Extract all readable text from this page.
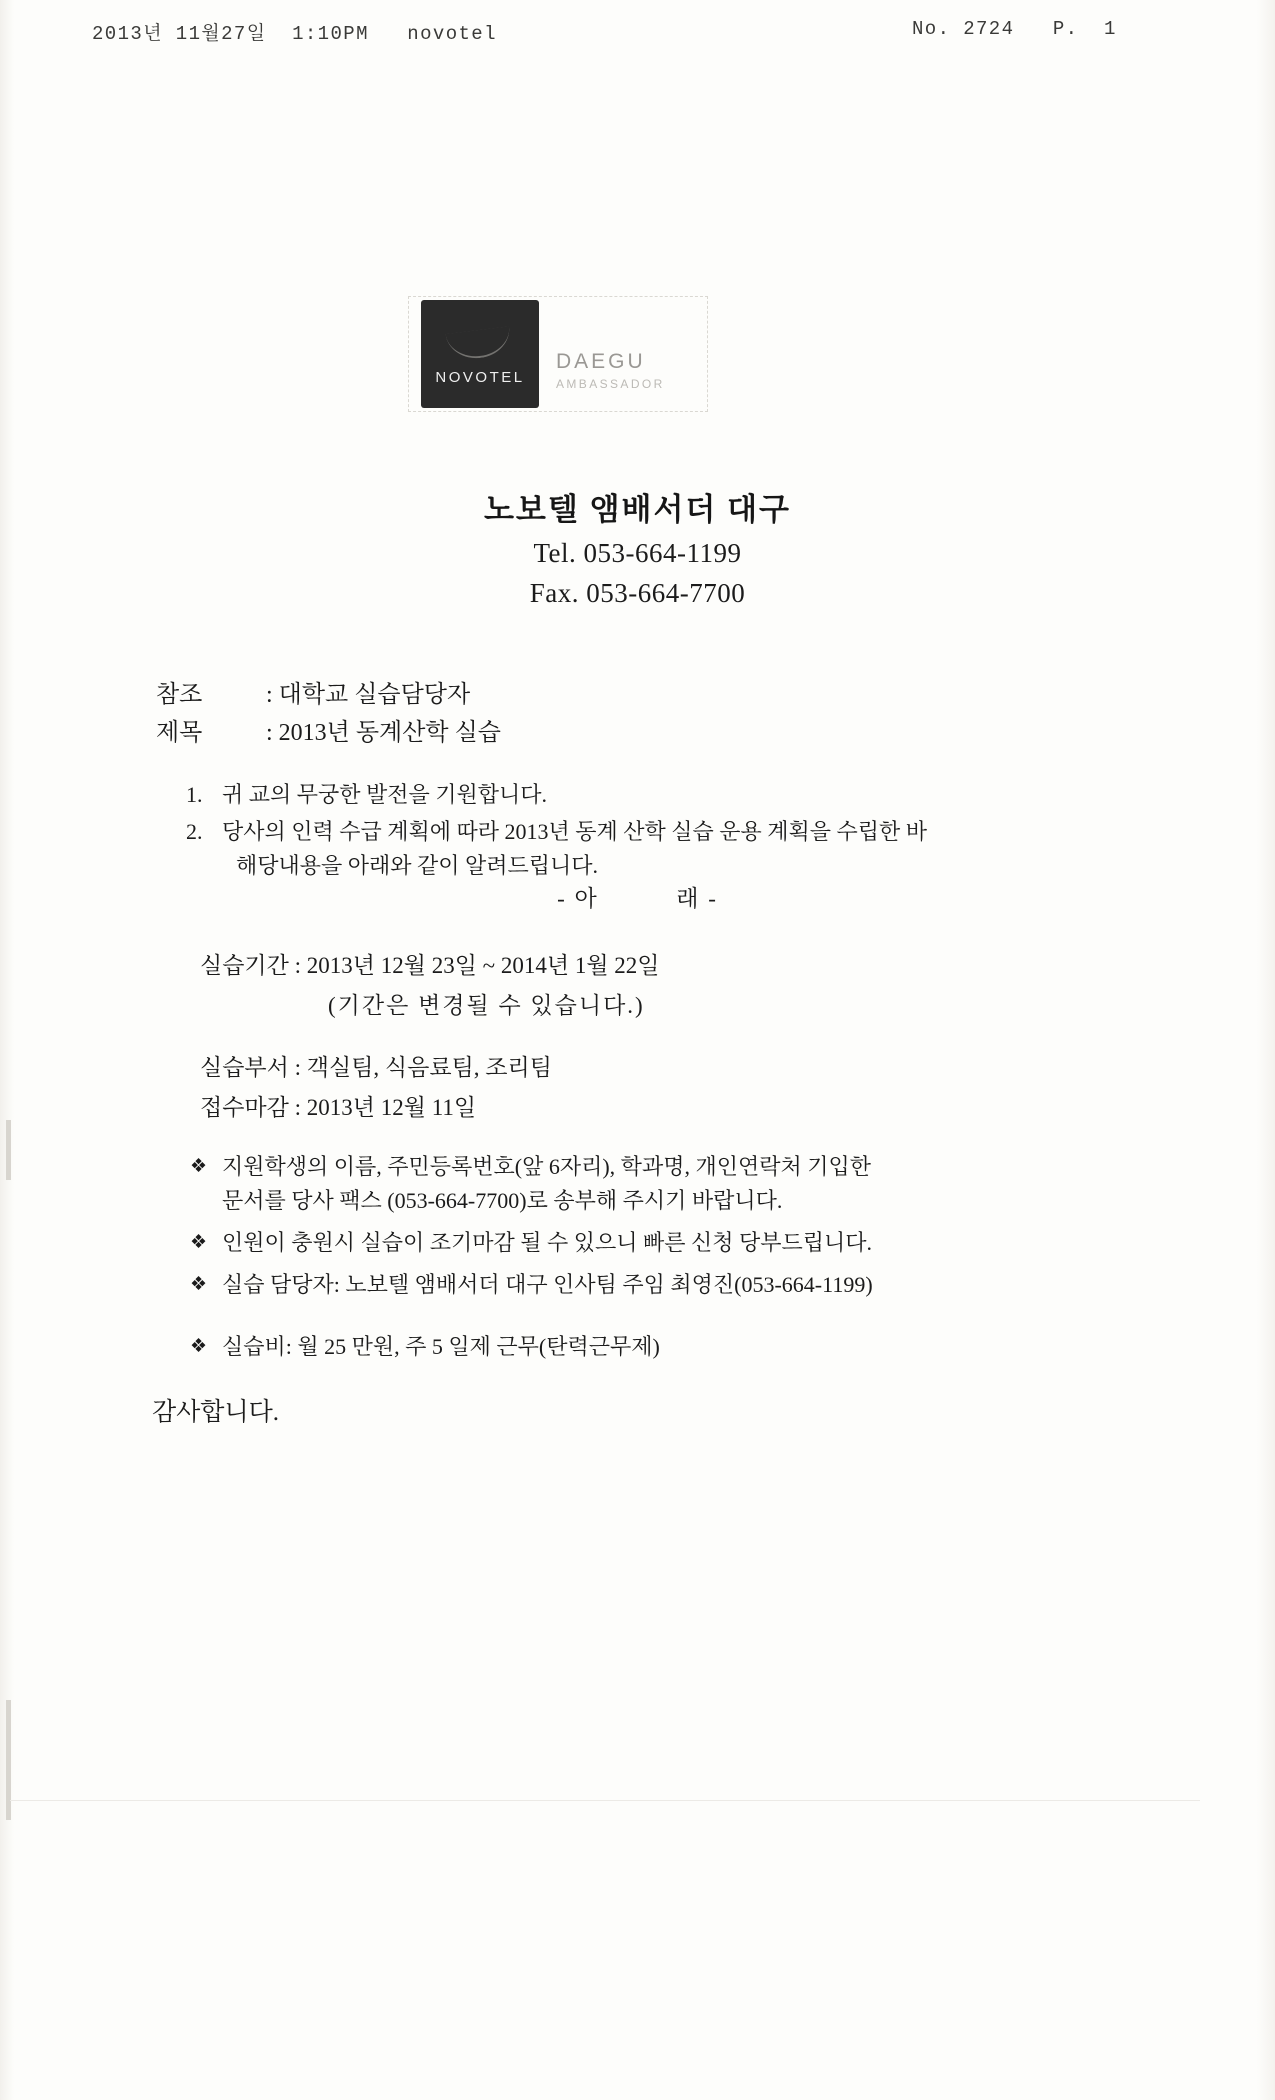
2013년 11월27일  1:10PM   novotel	No. 2724   P.  1
NOVOTEL
DAEGU
AMBASSADOR
노보텔 앰배서더 대구
Tel. 053-664-1199
Fax. 053-664-7700
참조	: 대학교 실습담당자
제목	: 2013년 동계산학 실습
1. 귀 교의 무궁한 발전을 기원합니다.
2. 당사의 인력 수급 계획에 따라 2013년 동계 산학 실습 운용 계획을 수립한 바
해당내용을 아래와 같이 알려드립니다.
- 아	래 -
실습기간 : 2013년 12월 23일 ~ 2014년 1월 22일
(기간은 변경될 수 있습니다.)
실습부서 : 객실팀, 식음료팀, 조리팀
접수마감 : 2013년 12월 11일
❖ 지원학생의 이름, 주민등록번호(앞 6자리), 학과명, 개인연락처 기입한
문서를 당사 팩스 (053-664-7700)로 송부해 주시기 바랍니다.
❖ 인원이 충원시 실습이 조기마감 될 수 있으니 빠른 신청 당부드립니다.
❖ 실습 담당자: 노보텔 앰배서더 대구 인사팀 주임 최영진(053-664-1199)
❖ 실습비: 월 25 만원, 주 5 일제 근무(탄력근무제)
감사합니다.
